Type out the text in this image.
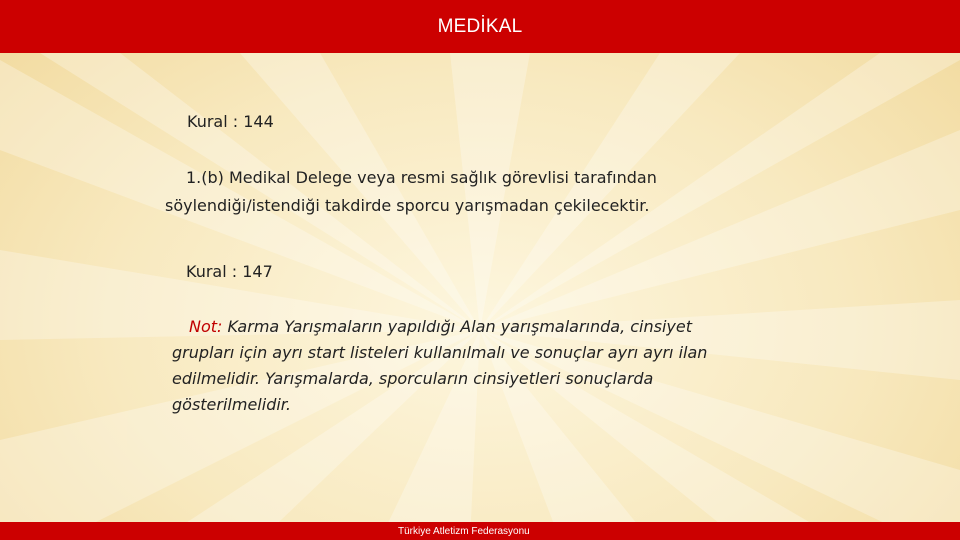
MEDİKAL
Kural : 144
1.(b) Medikal Delege veya resmi sağlık görevlisi tarafından
söylendiği/istendiği takdirde sporcu yarışmadan çekilecektir.
Kural : 147
Not: Karma Yarışmaların yapıldığı Alan yarışmalarında, cinsiyet
grupları için ayrı start listeleri kullanılmalı ve sonuçlar ayrı ayrı ilan
edilmelidir. Yarışmalarda, sporcuların cinsiyetleri sonuçlarda
gösterilmelidir.
Türkiye Atletizm Federasyonu
